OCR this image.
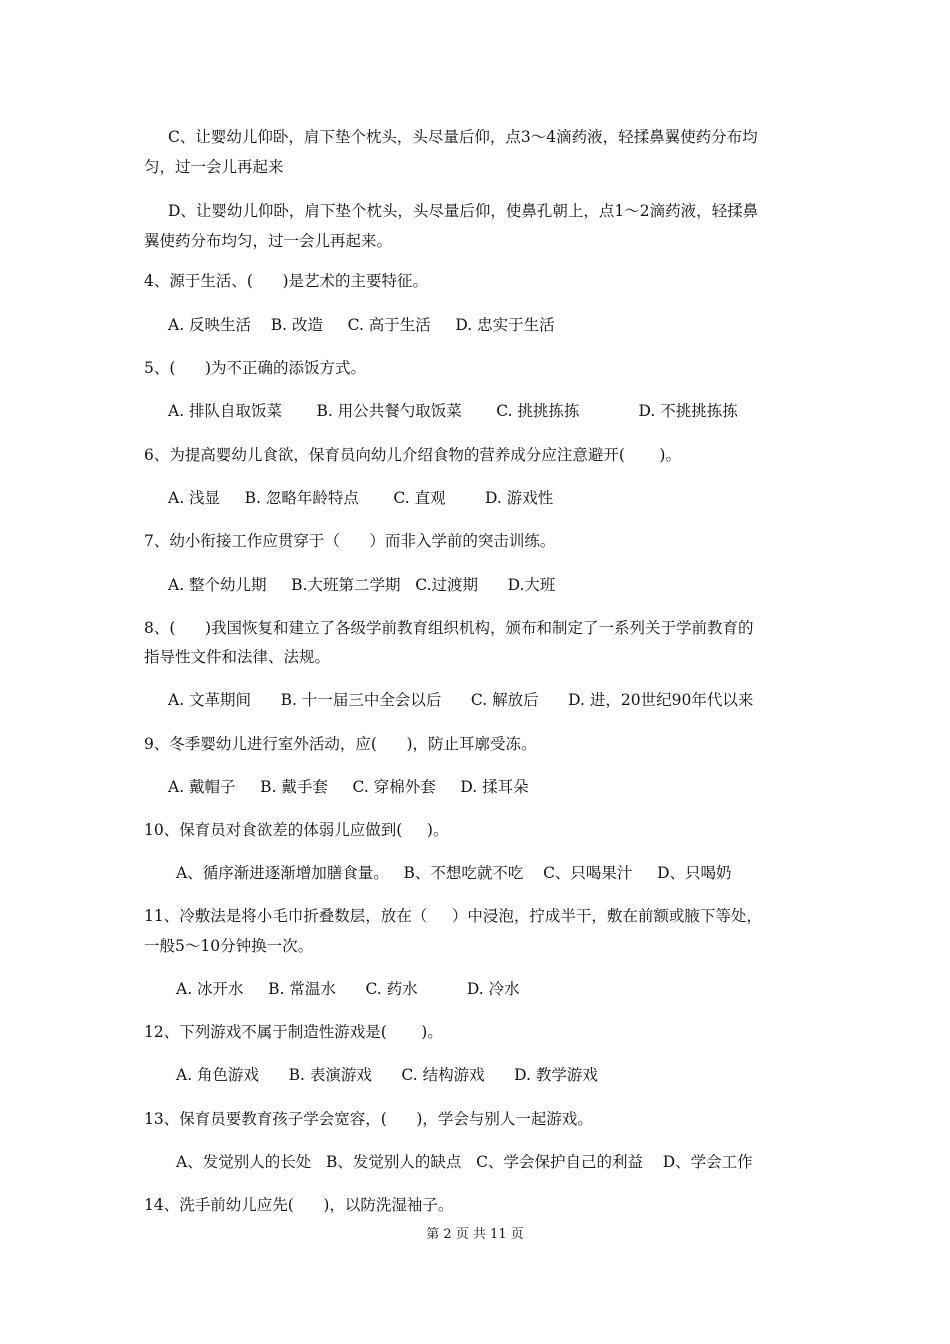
C、让婴幼儿仰卧，肩下垫个枕头，头尽量后仰，点3～4滴药液，轻揉鼻翼使药分布均
匀，过一会儿再起来
D、让婴幼儿仰卧，肩下垫个枕头，头尽量后仰，使鼻孔朝上，点1～2滴药液，轻揉鼻
翼使药分布均匀，过一会儿再起来。
4、源于生活、(      )是艺术的主要特征。
A. 反映生活    B. 改造     C. 高于生活     D. 忠实于生活
5、(      )为不正确的添饭方式。
A. 排队自取饭菜       B. 用公共餐勺取饭菜       C. 挑挑拣拣            D. 不挑挑拣拣
6、为提高婴幼儿食欲，保育员向幼儿介绍食物的营养成分应注意避开(       )。
A. 浅显     B. 忽略年龄特点       C. 直观        D. 游戏性
7、幼小衔接工作应贯穿于（      ）而非入学前的突击训练。
A. 整个幼儿期     B.大班第二学期   C.过渡期      D.大班
8、(      )我国恢复和建立了各级学前教育组织机构，颁布和制定了一系列关于学前教育的
指导性文件和法律、法规。
A. 文革期间      B. 十一届三中全会以后      C. 解放后      D. 进，20世纪90年代以来
9、冬季婴幼儿进行室外活动，应(      )，防止耳廓受冻。
A. 戴帽子     B. 戴手套     C. 穿棉外套     D. 揉耳朵
10、保育员对食欲差的体弱儿应做到(     )。
A、循序渐进逐渐增加膳食量。   B、不想吃就不吃    C、只喝果汁     D、只喝奶
11、冷敷法是将小毛巾折叠数层，放在（     ）中浸泡，拧成半干，敷在前额或腋下等处，
一般5～10分钟换一次。
A. 冰开水     B. 常温水      C. 药水          D. 冷水
12、下列游戏不属于制造性游戏是(       )。
A. 角色游戏      B. 表演游戏      C. 结构游戏      D. 教学游戏
13、保育员要教育孩子学会宽容，(      )，学会与别人一起游戏。
A、发觉别人的长处   B、发觉别人的缺点   C、学会保护自己的利益    D、学会工作
14、洗手前幼儿应先(      )，以防洗湿袖子。
第 2 页 共 11 页
